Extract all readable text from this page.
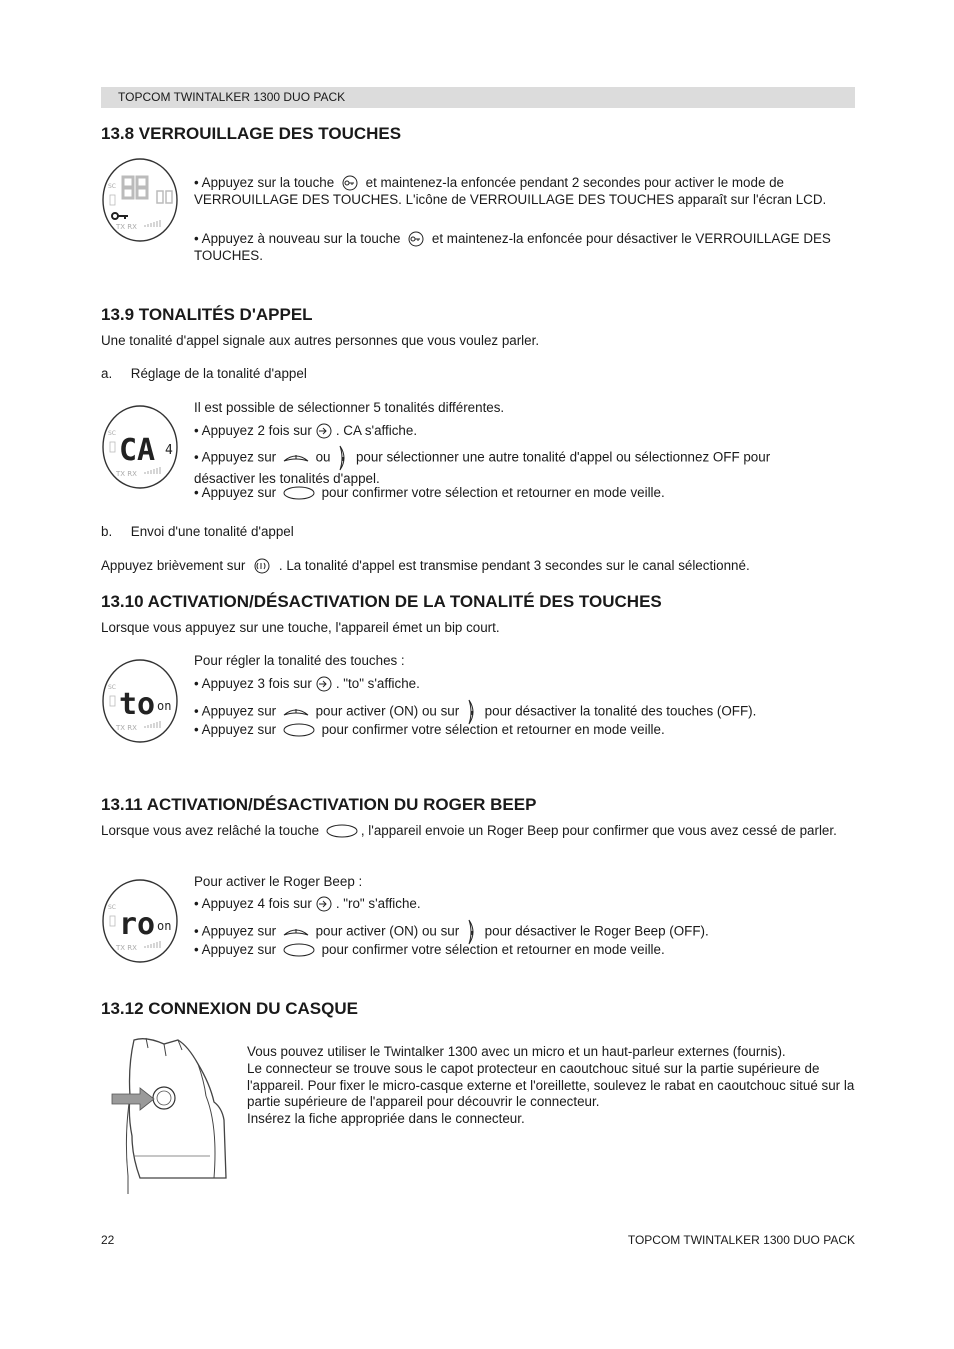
TOPCOM TWINTALKER 1300 DUO PACK
13.8 VERROUILLAGE DES TOUCHES
SC
TX RX
• Appuyez sur la touche et maintenez-la enfoncée pendant 2 secondes pour activer le mode de VERROUILLAGE DES TOUCHES. L'icône de VERROUILLAGE DES TOUCHES apparaît sur l'écran LCD.
• Appuyez à nouveau sur la touche et maintenez-la enfoncée pour désactiver le VERROUILLAGE DES TOUCHES.
13.9 TONALITÉS D'APPEL
Une tonalité d'appel signale aux autres personnes que vous voulez parler.
a.     Réglage de la tonalité d'appel
SC CA 4
TX RX
Il est possible de sélectionner 5 tonalités différentes.
• Appuyez 2 fois sur . CA s'affiche.
• Appuyez sur	ou pour sélectionner une autre tonalité d'appel ou sélectionnez OFF pour désactiver les tonalités d'appel.
• Appuyez sur	pour confirmer votre sélection et retourner en mode veille.
b.     Envoi d'une tonalité d'appel
Appuyez brièvement sur . La tonalité d'appel est transmise pendant 3 secondes sur le canal sélectionné.
13.10 ACTIVATION/DÉSACTIVATION DE LA TONALITÉ DES TOUCHES
Lorsque vous appuyez sur une touche, l'appareil émet un bip court.
SC to on
TX RX
Pour régler la tonalité des touches :
• Appuyez 3 fois sur . "to" s'affiche.
• Appuyez sur	pour activer (ON) ou sur pour désactiver la tonalité des touches (OFF).
• Appuyez sur	pour confirmer votre sélection et retourner en mode veille.
13.11 ACTIVATION/DÉSACTIVATION DU ROGER BEEP
Lorsque vous avez relâché la touche	, l'appareil envoie un Roger Beep pour confirmer que vous avez cessé de parler.
SC ro on
TX RX
Pour activer le Roger Beep :
• Appuyez 4 fois sur . "ro" s'affiche.
• Appuyez sur	pour activer (ON) ou sur pour désactiver le Roger Beep (OFF).
• Appuyez sur	pour confirmer votre sélection et retourner en mode veille.
13.12 CONNEXION DU CASQUE
Vous pouvez utiliser le Twintalker 1300 avec un micro et un haut-parleur externes (fournis).
Le connecteur se trouve sous le capot protecteur en caoutchouc situé sur la partie supérieure de l'appareil. Pour fixer le micro-casque externe et l'oreillette, soulevez le rabat en caoutchouc situé sur la partie supérieure de l'appareil pour découvrir le connecteur.
Insérez la fiche appropriée dans le connecteur.
22	TOPCOM TWINTALKER 1300 DUO PACK
